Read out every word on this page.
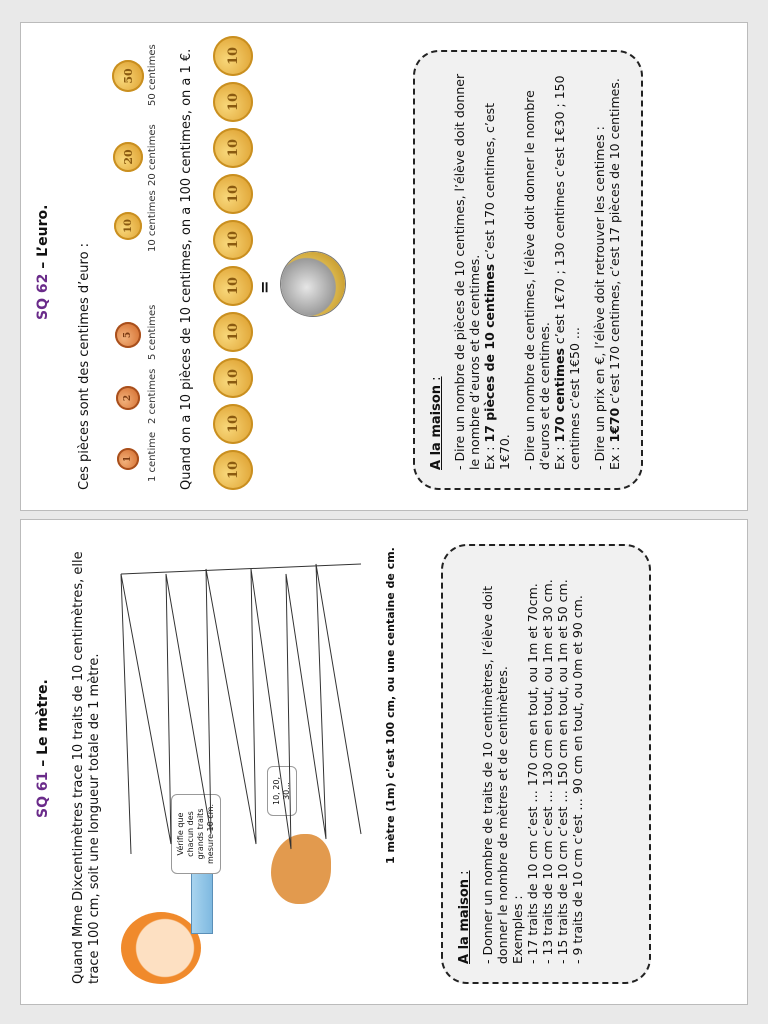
SQ 62 – L’euro.
Ces pièces sont des centimes d’euro :	1	1 centime
2	2 centimes
5	5 centimes
10	10 centimes
20	20 centimes
50	50 centimes Quand on a 10 pièces de 10 centimes, on a 100 centimes, on a 1 €. 10
10
10
10
10
10
10
10
10
10
=
A la maison : - Dire un nombre de pièces de 10 centimes, l’élève doit donner le nombre d’euros et de centimes.
Ex : 17 pièces de 10 centimes c’est 170 centimes, c’est 1€70. - Dire un nombre de centimes, l’élève doit donner le nombre d’euros et de centimes.
Ex : 170 centimes c’est 1€70 ; 130 centimes c’est 1€30 ; 150 centimes c’est 1€50 ... - Dire un prix en €, l’élève doit retrouver les centimes :
Ex : 1€70 c’est 170 centimes, c’est 17 pièces de 10 centimes.

SQ 61 – Le mètre. Quand Mme Dixcentimètres trace 10 traits de 10 centimètres, elle trace 100 cm, soit une longueur totale de 1 mètre.	Vérifie que chacun des grands traits mesure 10 cm.
10, 20, 30...	1 mètre (1m) c’est 100 cm, ou une centaine de cm.
A la maison : - Donner un nombre de traits de 10 centimètres, l’élève doit donner le nombre de mètres et de centimètres.
Exemples :
- 17 traits de 10 cm c’est … 170 cm en tout, ou 1m et 70cm.
- 13 traits de 10 cm c’est … 130 cm en tout, ou 1m et 30 cm.
- 15 traits de 10 cm c’est … 150 cm en tout, ou 1m et 50 cm.
- 9 traits de 10 cm c’est … 90 cm en tout, ou 0m et 90 cm.
